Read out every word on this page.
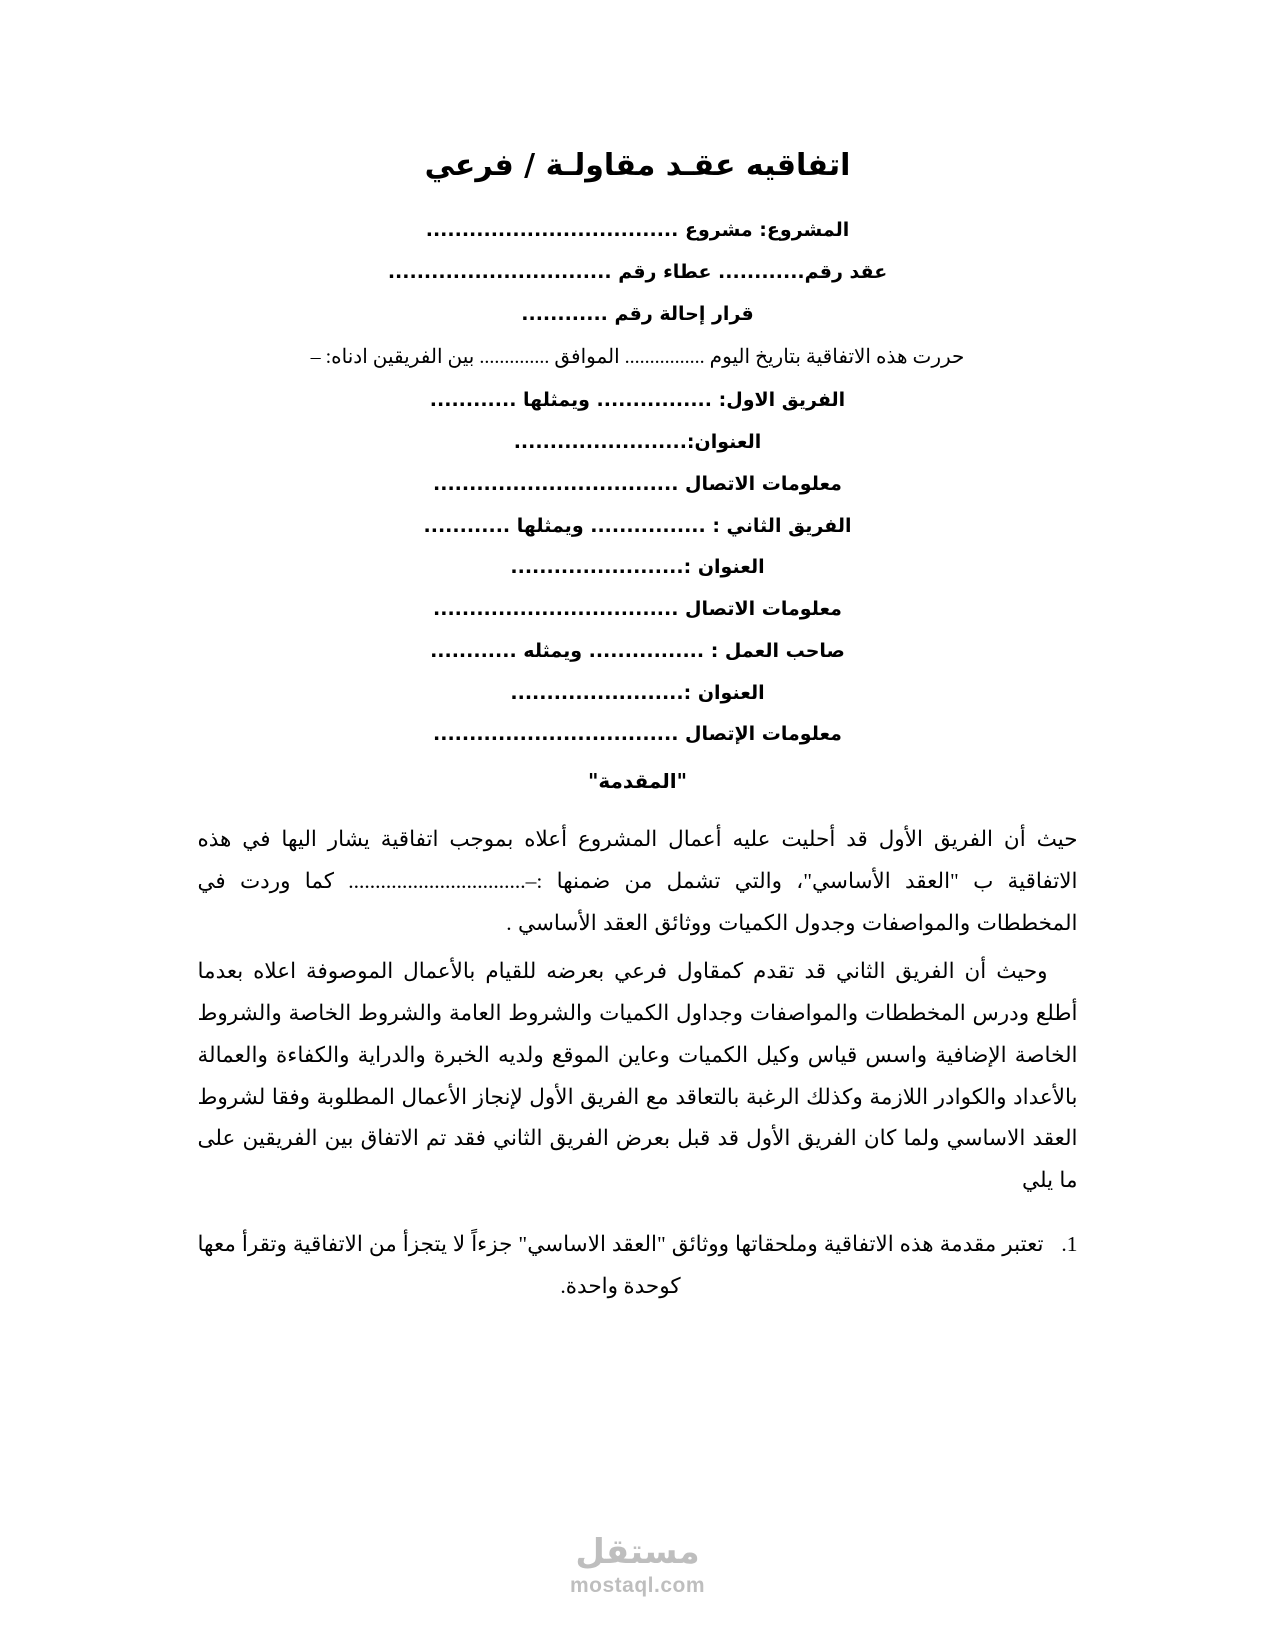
اتفاقيه عقـد مقاولـة / فرعي
المشروع: مشروع ...................................
عقد رقم............ عطاء رقم ...............................
قرار إحالة رقم ............
حررت هذه الاتفاقية بتاريخ اليوم ................ الموافق .............. بين الفريقين ادناه: –
الفريق الاول: ................ ويمثلها ............
العنوان:........................
معلومات الاتصال ..................................
الفريق الثاني : ................ ويمثلها ............
العنوان :........................
معلومات الاتصال ..................................
صاحب العمل : ................ ويمثله ............
العنوان :........................
معلومات الإتصال ..................................
"المقدمة"

حيث أن الفريق الأول قد أحليت عليه أعمال المشروع أعلاه بموجب اتفاقية يشار اليها في هذه الاتفاقية ب "العقد الأساسي"، والتي تشمل من ضمنها :–................................. كما وردت في المخططات والمواصفات وجدول الكميات ووثائق العقد الأساسي .

وحيث أن الفريق الثاني قد تقدم كمقاول فرعي بعرضه للقيام بالأعمال الموصوفة اعلاه بعدما أطلع ودرس المخططات والمواصفات وجداول الكميات والشروط العامة والشروط الخاصة والشروط الخاصة الإضافية واسس قياس وكيل الكميات وعاين الموقع ولديه الخبرة والدراية والكفاءة والعمالة بالأعداد والكوادر اللازمة وكذلك الرغبة بالتعاقد مع الفريق الأول لإنجاز الأعمال المطلوبة وفقا لشروط العقد الاساسي ولما كان الفريق الأول قد قبل بعرض الفريق الثاني فقد تم الاتفاق بين الفريقين على ما يلي

1.
تعتبر مقدمة هذه الاتفاقية وملحقاتها ووثائق "العقد الاساسي" جزءاً لا يتجزأ من الاتفاقية وتقرأ معها كوحدة واحدة.
مستقل
mostaql.com
